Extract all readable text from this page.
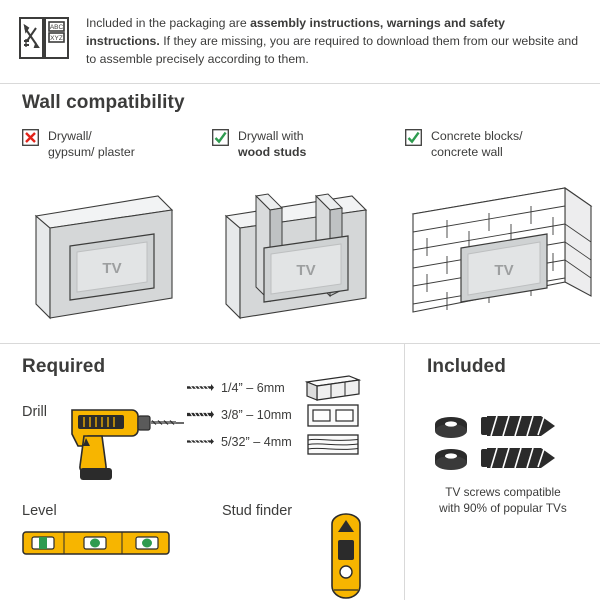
ABC
XYZ
Included in the packaging are assembly instructions, warnings and safety instructions. If they are missing, you are required to download them from our website and to assemble precisely according to them.
Wall compatibility
Drywall/
gypsum/ plaster
TV
Drywall with
wood studs
TV
Concrete blocks/
concrete wall
TV
Required
Drill
1/4” – 6mm
3/8” – 10mm
5/32” – 4mm
Level	Stud finder
Included
TV screws compatible
with 90% of popular TVs
